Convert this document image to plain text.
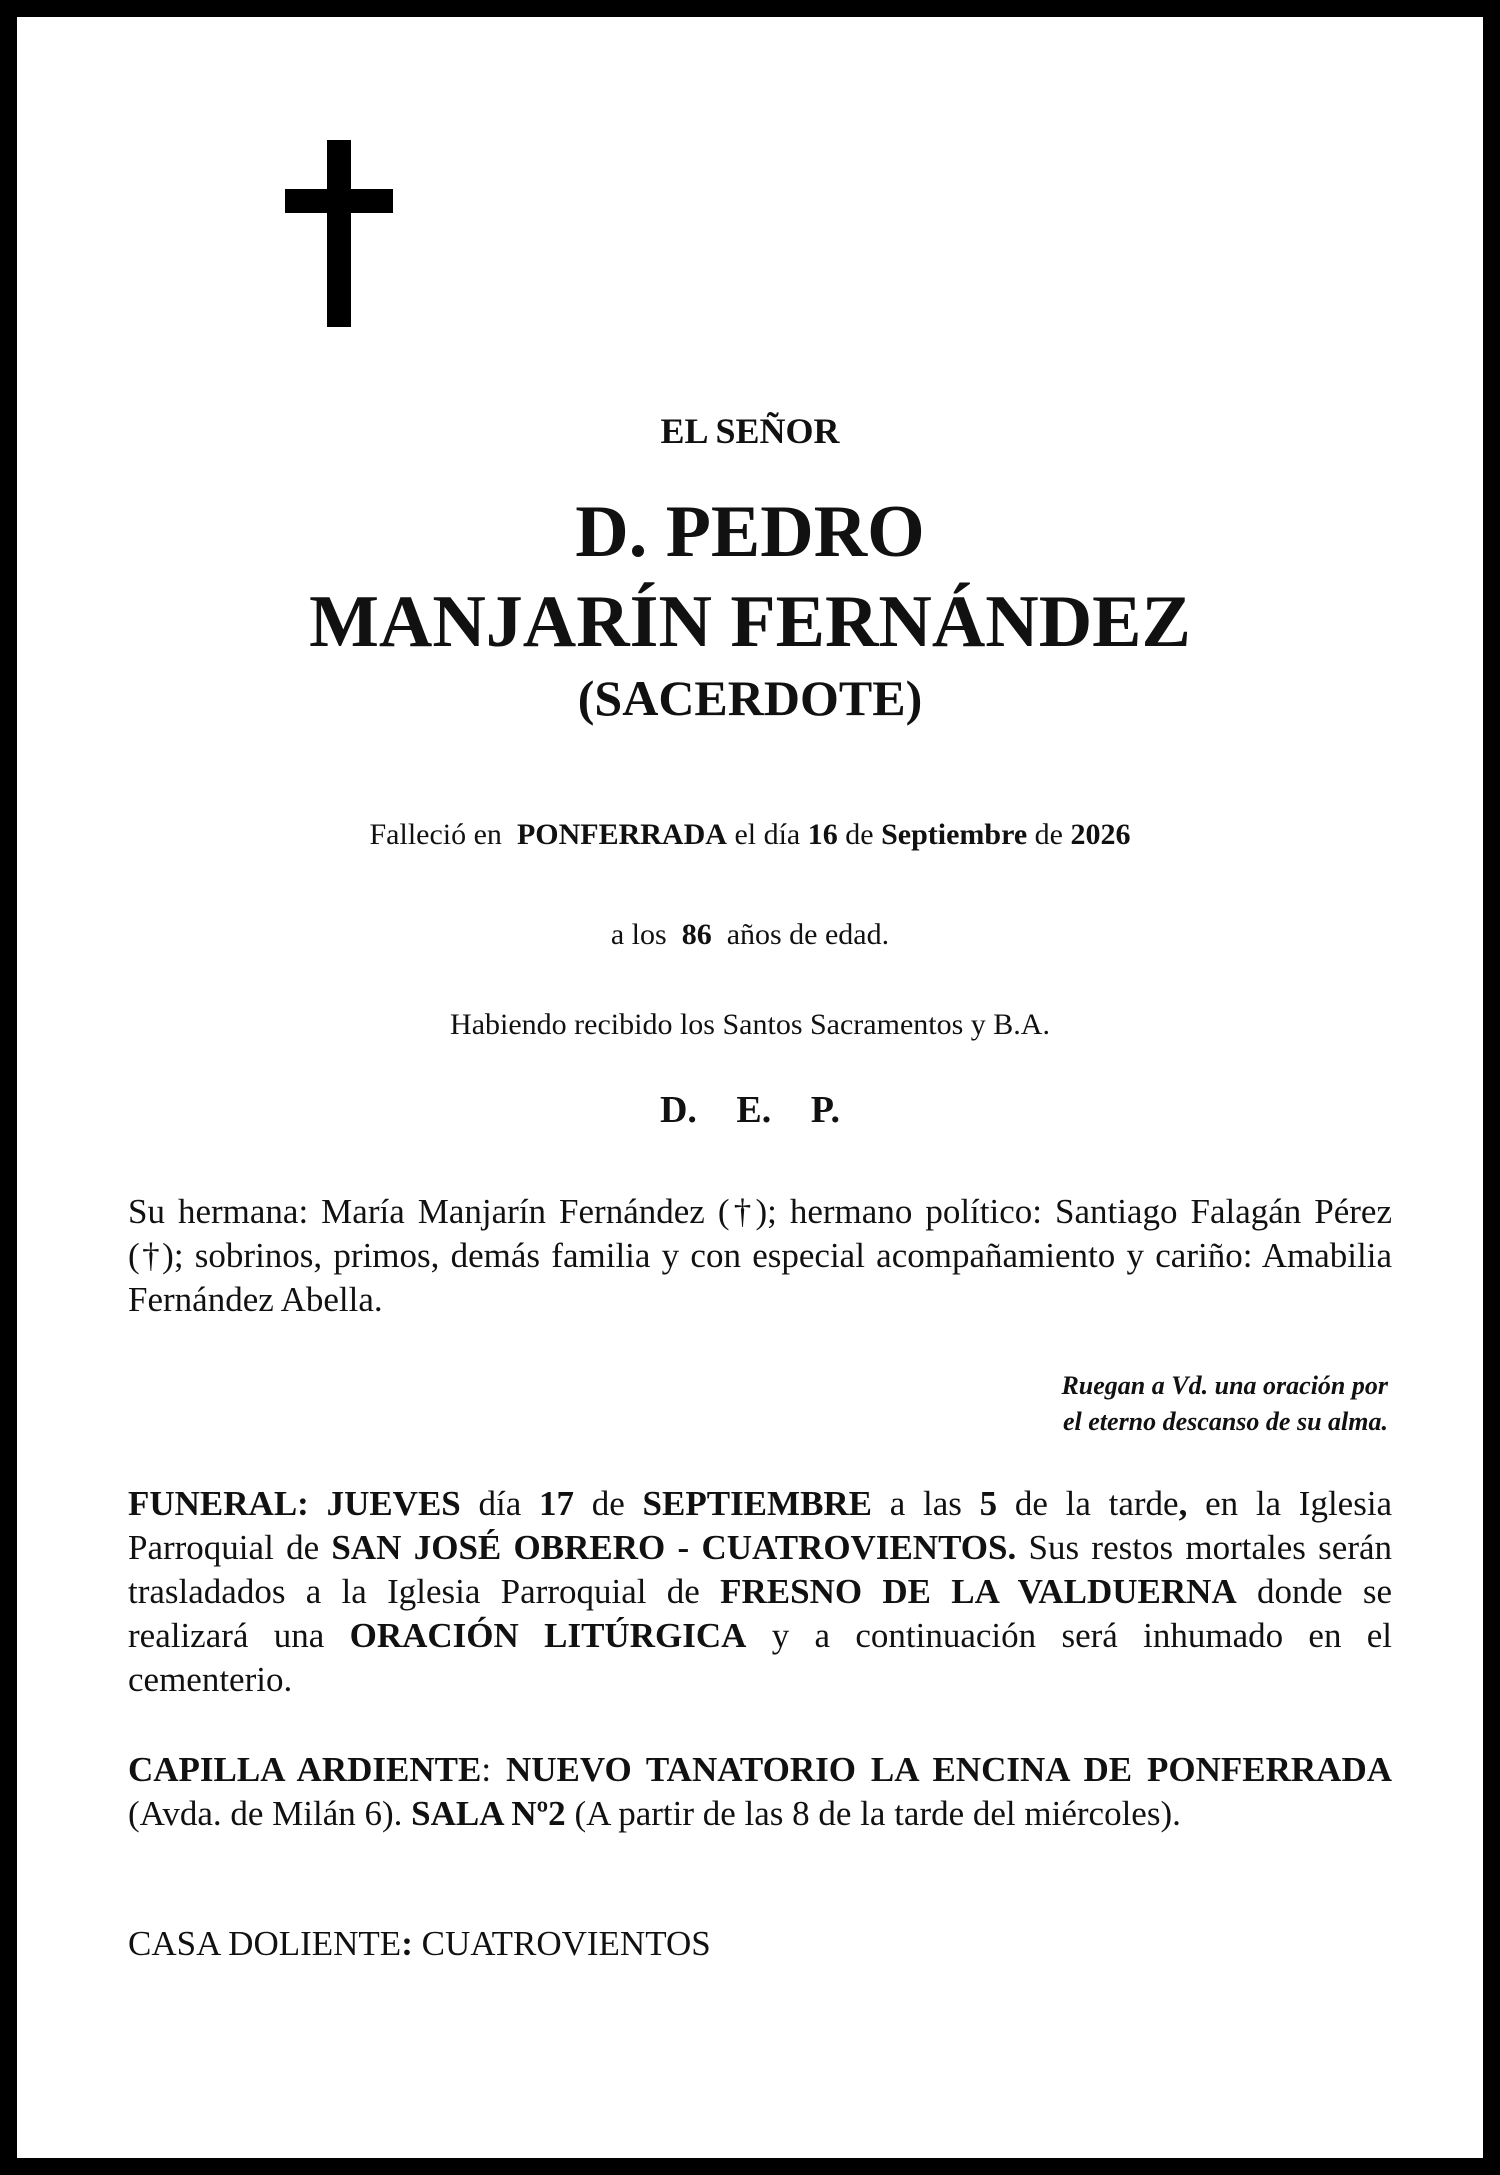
EL SEÑOR
D. PEDRO
MANJARÍN FERNÁNDEZ
(SACERDOTE)
Falleció en PONFERRADA el día 16 de Septiembre de 2026
a los 86 años de edad.
Habiendo recibido los Santos Sacramentos y B.A.
D. E. P.
Su hermana: María Manjarín Fernández (†); hermano político: Santiago Falagán Pérez (†); sobrinos, primos, demás familia y con especial acompañamiento y cariño: Amabilia Fernández Abella.
Ruegan a Vd. una oración por
el eterno descanso de su alma.
FUNERAL: JUEVES día 17 de SEPTIEMBRE a las 5 de la tarde, en la Iglesia Parroquial de SAN JOSÉ OBRERO - CUATROVIENTOS. Sus restos mortales serán trasladados a la Iglesia Parroquial de FRESNO DE LA VALDUERNA donde se realizará una ORACIÓN LITÚRGICA y a continuación será inhumado en el cementerio.
CAPILLA ARDIENTE: NUEVO TANATORIO LA ENCINA DE PONFERRADA (Avda. de Milán 6). SALA Nº2 (A partir de las 8 de la tarde del miércoles).
CASA DOLIENTE: CUATROVIENTOS
